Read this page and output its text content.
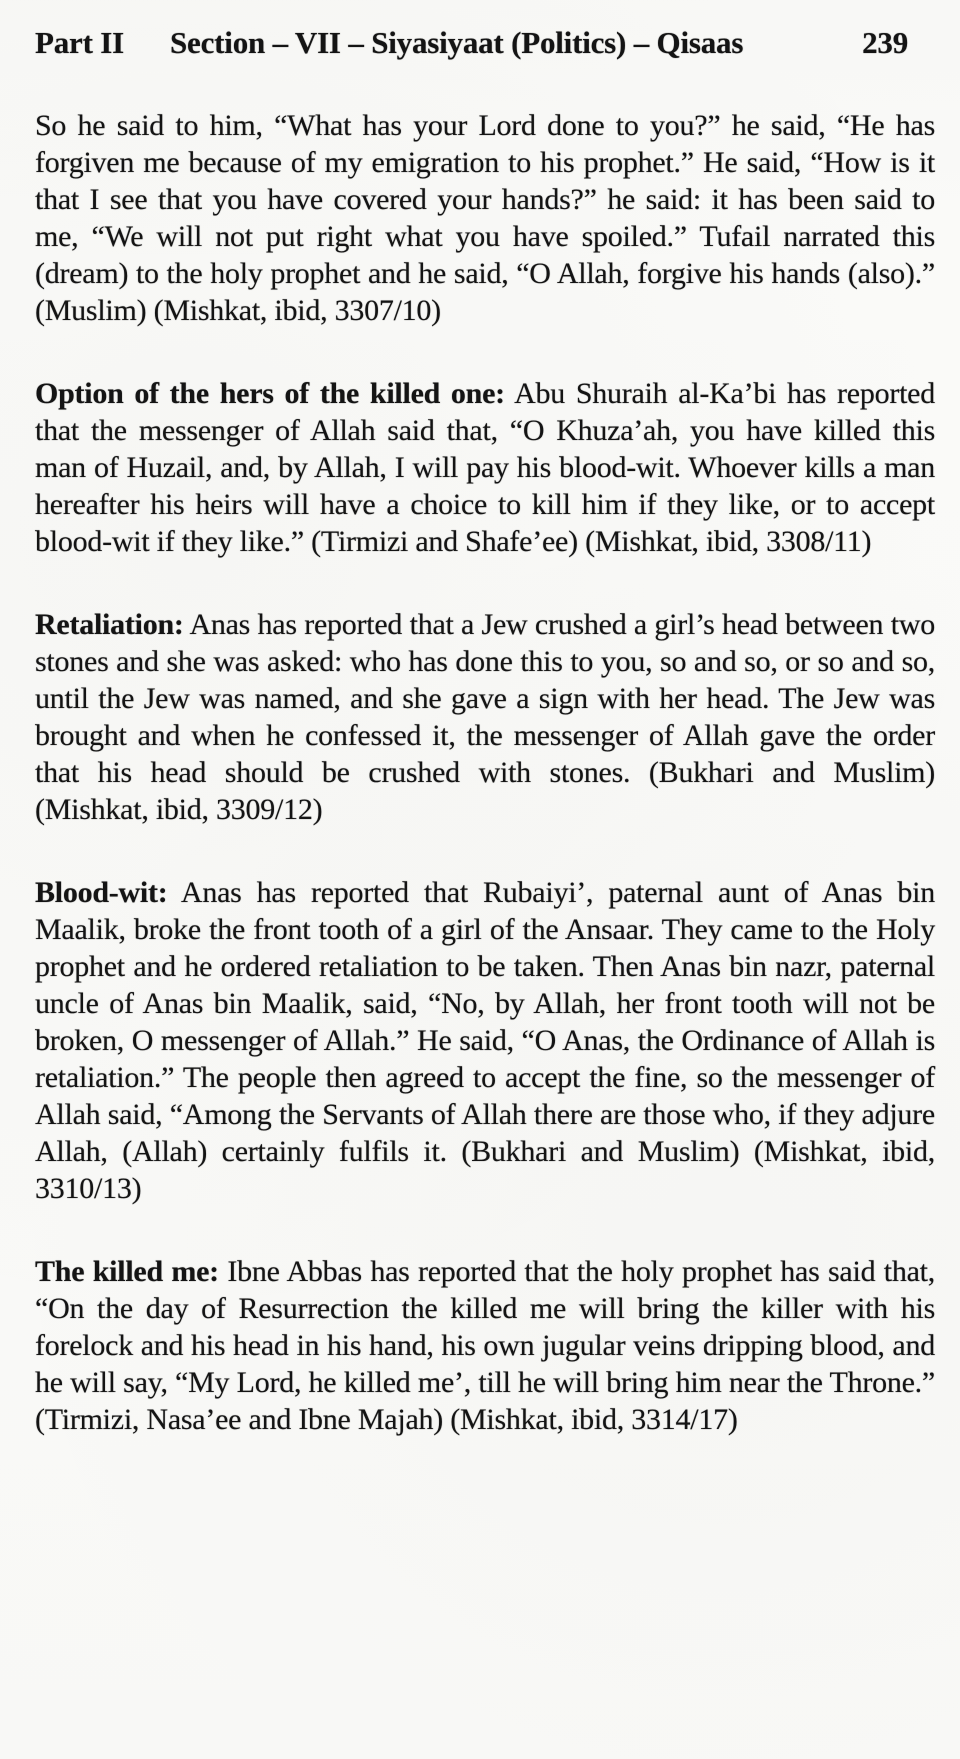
Part II Section – VII – Siyasiyaat (Politics) – Qisaas	239

So he said to him, “What has your Lord done to you?” he said, “He has forgiven me because of my emigration to his prophet.” He said, “How is it that I see that you have covered your hands?” he said: it has been said to me, “We will not put right what you have spoiled.” Tufail narrated this (dream) to the holy prophet and he said, “O Allah, forgive his hands (also).” (Muslim) (Mishkat, ibid, 3307/10)

Option of the hers of the killed one: Abu Shuraih al-Ka’bi has reported that the messenger of Allah said that, “O Khuza’ah, you have killed this man of Huzail, and, by Allah, I will pay his blood-wit. Whoever kills a man hereafter his heirs will have a choice to kill him if they like, or to accept blood-wit if they like.” (Tirmizi and Shafe’ee) (Mishkat, ibid, 3308/11)

Retaliation: Anas has reported that a Jew crushed a girl’s head between two stones and she was asked: who has done this to you, so and so, or so and so, until the Jew was named, and she gave a sign with her head. The Jew was brought and when he confessed it, the messenger of Allah gave the order that his head should be crushed with stones. (Bukhari and Muslim) (Mishkat, ibid, 3309/12)

Blood-wit: Anas has reported that Rubaiyi’, paternal aunt of Anas bin Maalik, broke the front tooth of a girl of the Ansaar. They came to the Holy prophet and he ordered retaliation to be taken. Then Anas bin nazr, paternal uncle of Anas bin Maalik, said, “No, by Allah, her front tooth will not be broken, O messenger of Allah.” He said, “O Anas, the Ordinance of Allah is retaliation.” The people then agreed to accept the fine, so the messenger of Allah said, “Among the Servants of Allah there are those who, if they adjure Allah, (Allah) certainly fulfils it. (Bukhari and Muslim) (Mishkat, ibid, 3310/13)

The killed me: Ibne Abbas has reported that the holy prophet has said that, “On the day of Resurrection the killed me will bring the killer with his forelock and his head in his hand, his own jugular veins dripping blood, and he will say, “My Lord, he killed me’, till he will bring him near the Throne.” (Tirmizi, Nasa’ee and Ibne Majah) (Mishkat, ibid, 3314/17)
